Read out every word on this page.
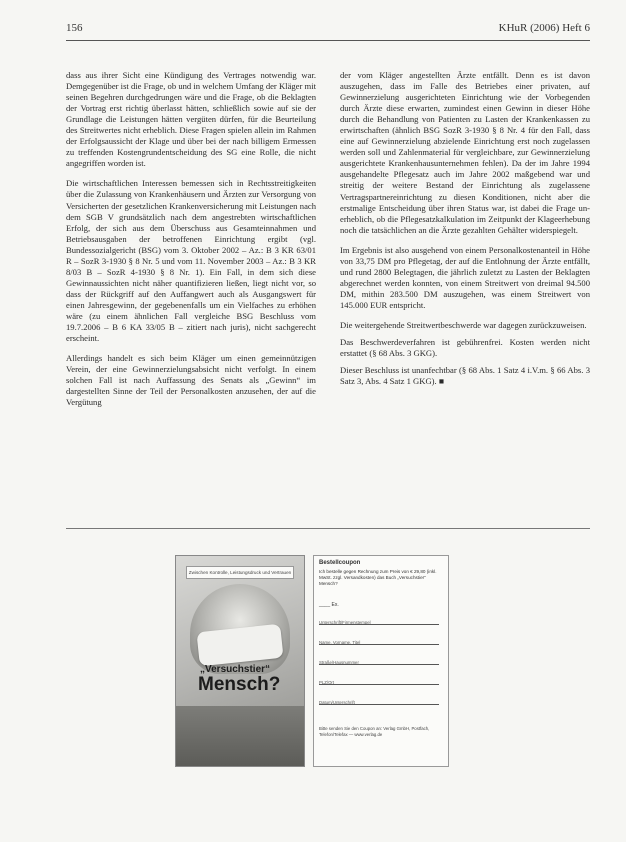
156	KHuR (2006) Heft 6

dass aus ihrer Sicht eine Kündigung des Vertrages notwendig war. Demgegenüber ist die Frage, ob und in welchem Umfang der Kläger mit seinen Begehren durchgedrungen wäre und die Frage, ob die Beklagten der Vortrag erst richtig überlasst hätten, schließlich sowie auf sie der Grundlage die Leistungen hätten vergüten dürfen, für die Beurteilung des Streitwertes nicht erheblich. Diese Fragen spielen allein im Rahmen der Erfolgsaussicht der Klage und über bei der nach billigem Ermessen zu treffenden Kostengrundentscheidung des SG eine Rolle, die nicht angegriffen worden ist.

Die wirtschaftlichen Interessen bemessen sich in Rechtsstreitigkeiten über die Zulassung von Krankenhäusern und Ärzten zur Versorgung von Versicherten der gesetzlichen Krankenversicherung mit Leistungen nach dem SGB V grundsätzlich nach dem angestrebten wirtschaftlichen Erfolg, der sich aus dem Überschuss aus Gesamteinnahmen und Betriebsausgaben der betroffenen Einrichtung ergibt (vgl. Bundessozialgericht (BSG) vom 3. Oktober 2002 – Az.: B 3 KR 63/01 R – SozR 3-1930 § 8 Nr. 5 und vom 11. November 2003 – Az.: B 3 KR 8/03 B – SozR 4-1930 § 8 Nr. 1). Ein Fall, in dem sich diese Gewinnaussichten nicht näher quantifizieren ließen, liegt nicht vor, so dass der Rückgriff auf den Auffangwert auch als Ausgangswert für einen Jahresgewinn, der gegebenenfalls um ein Vielfaches zu erhöhen wäre (zu einem ähnlichen Fall vergleiche BSG Beschluss vom 19.7.2006 – B 6 KA 33/05 B – zitiert nach juris), nicht sachgerecht erscheint.

Allerdings handelt es sich beim Kläger um einen gemeinnützigen Verein, der eine Gewinnerzielungsabsicht nicht verfolgt. In einem solchen Fall ist nach Auffassung des Senats als „Gewinn“ im dargestellten Sinne der Teil der Personalkosten anzusehen, der auf die Vergütung

der vom Kläger angestellten Ärzte entfällt. Denn es ist davon auszugehen, dass im Falle des Betriebes einer privaten, auf Gewinnerzielung ausgerichteten Einrichtung wie der Vorbegenden durch Ärzte diese erwarten, zumindest einen Gewinn in dieser Höhe durch die Behandlung von Patienten zu Lasten der Krankenkassen zu erwirtschaften (ähnlich BSG SozR 3-1930 § 8 Nr. 4 für den Fall, dass eine auf Gewinnerzielung abzielende Einrichtung erst noch zugelassen werden soll und Zahlenmaterial für vergleichbare, zur Gewinnerzielung ausgerichtete Krankenhausunternehmen fehlen). Da der im Jahre 1994 ausgehandelte Pflegesatz auch im Jahre 2002 maßgebend war und streitig der weitere Bestand der Einrichtung als zugelassene Vertragspartnereinrichtung zu diesen Konditionen, nicht aber die erstmalige Entscheidung über ihren Status war, ist dabei die Frage unerheblich, ob die Pflegesatzkalkulation im Zeitpunkt der Klageerhebung noch die tatsächlichen an die Ärzte gezahlten Gehälter widerspiegelt.

Im Ergebnis ist also ausgehend von einem Personalkostenanteil in Höhe von 33,75 DM pro Pflegetag, der auf die Entlohnung der Ärzte entfällt, und rund 2800 Belegtagen, die jährlich zuletzt zu Lasten der Beklagten abgerechnet werden konnten, von einem Streitwert von dreimal 94.500 DM, mithin 283.500 DM auszugehen, was einem Streitwert von 145.000 EUR entspricht.

Die weitergehende Streitwertbeschwerde war dagegen zurückzuweisen.

Das Beschwerdeverfahren ist gebührenfrei. Kosten werden nicht erstattet (§ 68 Abs. 3 GKG).

Dieser Beschluss ist unanfechtbar (§ 68 Abs. 1 Satz 4 i.V.m. § 66 Abs. 3 Satz 3, Abs. 4 Satz 1 GKG). ■

Zwischen Kontrolle, Leistungsdruck und Vertrauen
„Versuchstier“
Mensch?
Bestellcoupon
Ich bestelle gegen Rechnung zum Preis von € 29,80 (inkl. MwSt. zzgl. Versandkosten) das Buch „Versuchstier“ Mensch?
____ Ex.
Unterschrift/Firmenstempel
Name, Vorname, Titel
Straße/Hausnummer
PLZ/Ort
Datum/Unterschrift
Bitte senden Sie den Coupon an: Verlag GmbH, Postfach, Telefon/Telefax — www.verlag.de
